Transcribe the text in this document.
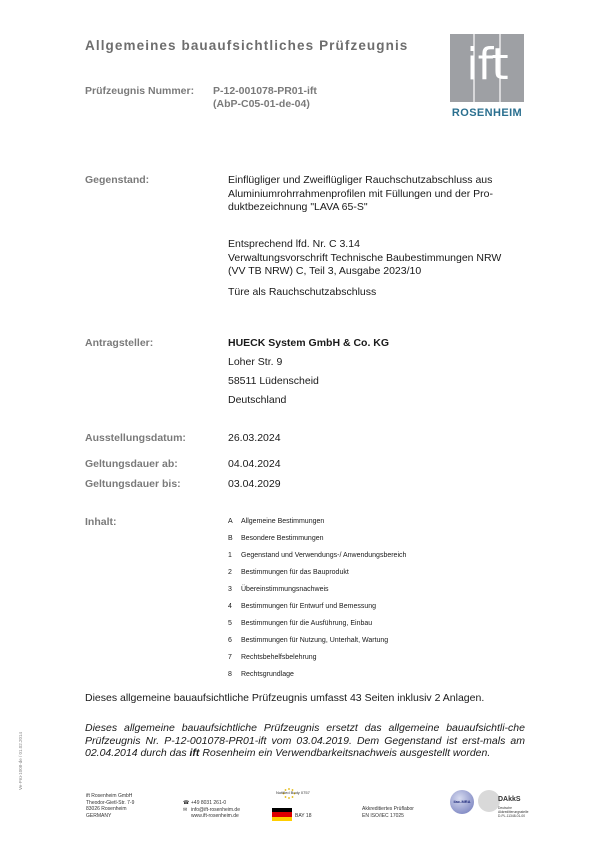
Allgemeines bauaufsichtliches Prüfzeugnis
Prüfzeugnis Nummer: P-12-001078-PR01-ift
(AbP-C05-01-de-04)
ift
ROSENHEIM
Gegenstand:	Einflügliger und Zweiflügliger Rauchschutzabschluss aus
Aluminiumrohrrahmenprofilen mit Füllungen und der Pro-
duktbezeichnung "LAVA 65-S"
Entsprechend lfd. Nr. C 3.14
Verwaltungsvorschrift Technische Baubestimmungen NRW
(VV TB NRW) C, Teil 3, Ausgabe 2023/10
Türe als Rauchschutzabschluss
Antragsteller:	HUECK System GmbH & Co. KG
Loher Str. 9
58511 Lüdenscheid
Deutschland
Ausstellungsdatum:	26.03.2024
Geltungsdauer ab:	04.04.2024
Geltungsdauer bis:	03.04.2029
Inhalt:	A Allgemeine Bestimmungen
B Besondere Bestimmungen
1 Gegenstand und Verwendungs-/ Anwendungsbereich
2 Bestimmungen für das Bauprodukt
3 Übereinstimmungsnachweis
4 Bestimmungen für Entwurf und Bemessung
5 Bestimmungen für die Ausführung, Einbau
6 Bestimmungen für Nutzung, Unterhalt, Wartung
7 Rechtsbehelfsbelehrung
8 Rechtsgrundlage
Dieses allgemeine bauaufsichtliche Prüfzeugnis umfasst 43 Seiten inklusiv 2 Anlagen.
Dieses allgemeine bauaufsichtliche Prüfzeugnis ersetzt das allgemeine bauaufsichtli-che Prüfzeugnis Nr. P-12-001078-PR01-ift vom 03.04.2019. Dem Gegenstand ist erst-mals am 02.04.2014 durch das ift Rosenheim ein Verwendbarkeitsnachweis ausgestellt worden.
Ve-Prü-1008-de / 01.02.2014
ift Rosenheim GmbH
Theodor-Gietl-Str. 7-9
83026 Rosenheim
GERMANY
☎ +49 8031 261-0
✉ info@ift-rosenheim.de
www.ift-rosenheim.de
Notified Body 0757
BAY 18
Akkreditiertes Prüflabor
EN ISO/IEC 17025
ilac-MRA	DAkkS
Deutsche
Akkreditierungsstelle
D-PL-11348-01-00
